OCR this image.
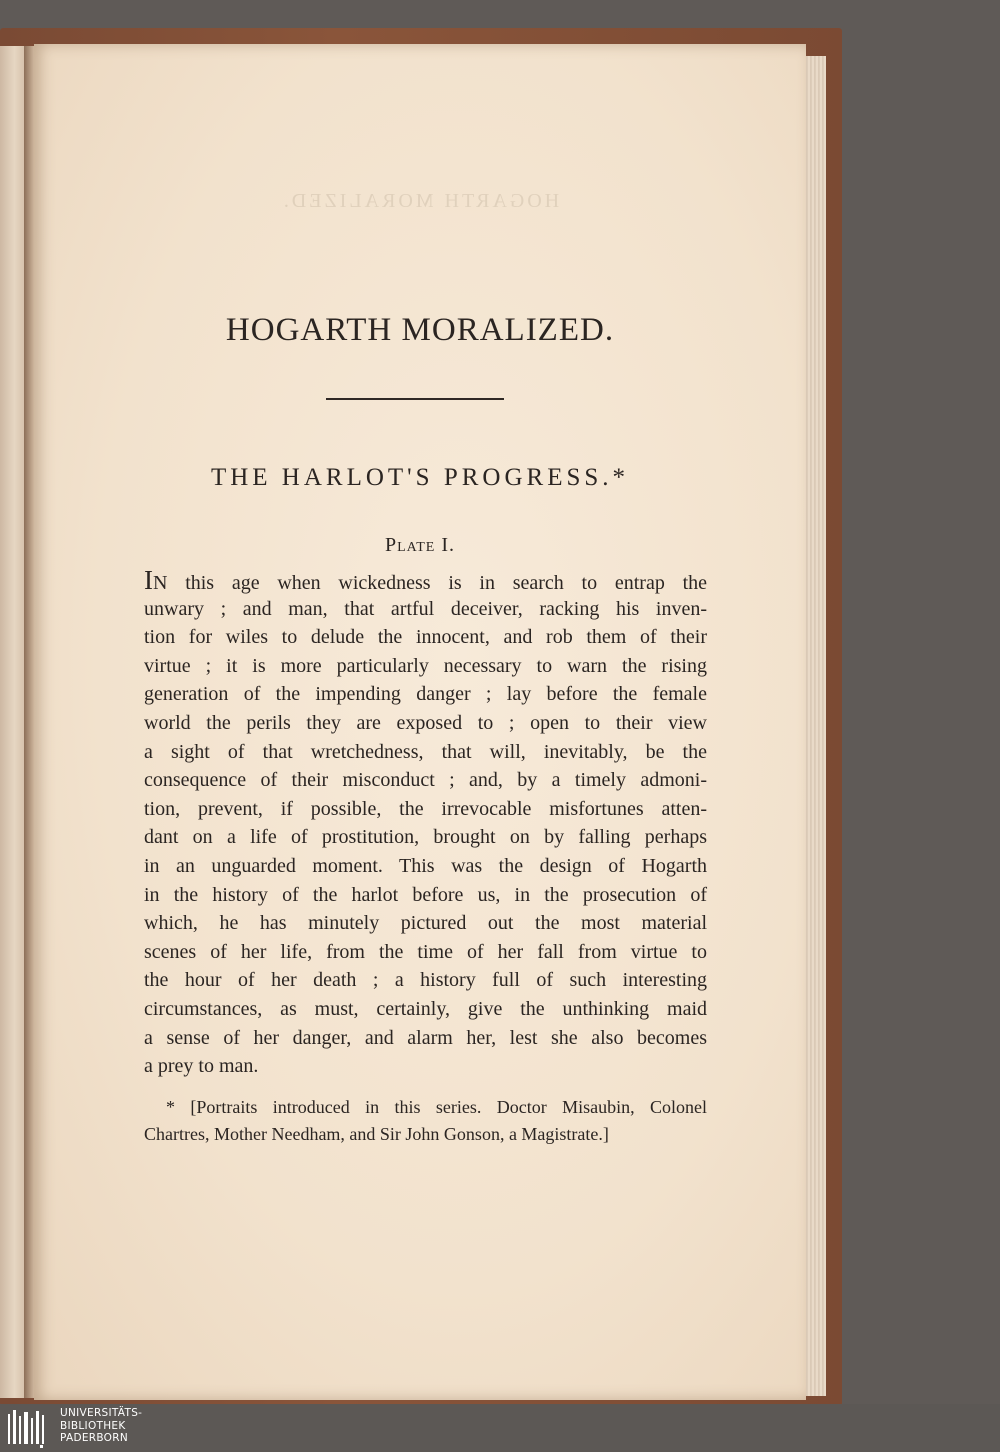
HOGARTH MORALIZED.
HOGARTH MORALIZED.
THE HARLOT'S PROGRESS.*
Plate I.
IN this age when wickedness is in search to entrap the
unwary ; and man, that artful deceiver, racking his inven-
tion for wiles to delude the innocent, and rob them of their
virtue ; it is more particularly necessary to warn the rising
generation of the impending danger ; lay before the female
world the perils they are exposed to ; open to their view
a sight of that wretchedness, that will, inevitably, be the
consequence of their misconduct ; and, by a timely admoni-
tion, prevent, if possible, the irrevocable misfortunes atten-
dant on a life of prostitution, brought on by falling perhaps
in an unguarded moment. This was the design of Hogarth
in the history of the harlot before us, in the prosecution of
which, he has minutely pictured out the most material
scenes of her life, from the time of her fall from virtue to
the hour of her death ; a history full of such interesting
circumstances, as must, certainly, give the unthinking maid
a sense of her danger, and alarm her, lest she also becomes
a prey to man.
* [Portraits introduced in this series. Doctor Misaubin, Colonel
Chartres, Mother Needham, and Sir John Gonson, a Magistrate.]
UNIVERSITÄTS-
BIBLIOTHEK
PADERBORN
